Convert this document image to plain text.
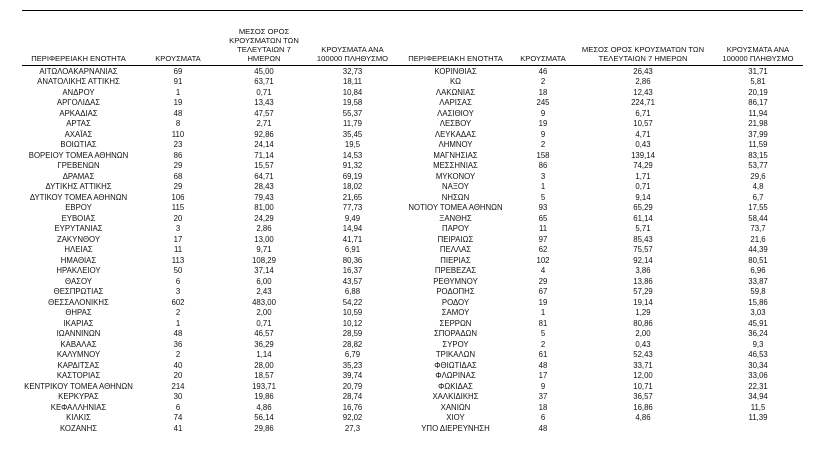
ΠΕΡΙΦΕΡΕΙΑΚΗ ΕΝΟΤΗΤΑ	ΚΡΟΥΣΜΑΤΑ	ΜΕΣΟΣ ΟΡΟΣ ΚΡΟΥΣΜΑΤΩΝ ΤΩΝ ΤΕΛΕΥΤΑΙΩΝ 7 ΗΜΕΡΩΝ	ΚΡΟΥΣΜΑΤΑ ΑΝΑ 100000 ΠΛΗΘΥΣΜΟ	ΠΕΡΙΦΕΡΕΙΑΚΗ ΕΝΟΤΗΤΑ	ΚΡΟΥΣΜΑΤΑ	ΜΕΣΟΣ ΟΡΟΣ ΚΡΟΥΣΜΑΤΩΝ ΤΩΝ ΤΕΛΕΥΤΑΙΩΝ 7 ΗΜΕΡΩΝ	ΚΡΟΥΣΜΑΤΑ ΑΝΑ 100000 ΠΛΗΘΥΣΜΟ
ΑΙΤΩΛΟΑΚΑΡΝΑΝΙΑΣ	69	45,00	32,73	ΚΟΡΙΝΘΙΑΣ	46	26,43	31,71
ΑΝΑΤΟΛΙΚΗΣ ΑΤΤΙΚΗΣ	91	63,71	18,11	ΚΩ	2	2,86	5,81
ΑΝΔΡΟΥ	1	0,71	10,84	ΛΑΚΩΝΙΑΣ	18	12,43	20,19
ΑΡΓΟΛΙΔΑΣ	19	13,43	19,58	ΛΑΡΙΣΑΣ	245	224,71	86,17
ΑΡΚΑΔΙΑΣ	48	47,57	55,37	ΛΑΣΙΘΙΟΥ	9	6,71	11,94
ΑΡΤΑΣ	8	2,71	11,79	ΛΕΣΒΟΥ	19	10,57	21,98
ΑΧΑΪΑΣ	110	92,86	35,45	ΛΕΥΚΑΔΑΣ	9	4,71	37,99
ΒΟΙΩΤΙΑΣ	23	24,14	19,5	ΛΗΜΝΟΥ	2	0,43	11,59
ΒΟΡΕΙΟΥ ΤΟΜΕΑ ΑΘΗΝΩΝ	86	71,14	14,53	ΜΑΓΝΗΣΙΑΣ	158	139,14	83,15
ΓΡΕΒΕΝΩΝ	29	15,57	91,32	ΜΕΣΣΗΝΙΑΣ	86	74,29	53,77
ΔΡΑΜΑΣ	68	64,71	69,19	ΜΥΚΟΝΟΥ	3	1,71	29,6
ΔΥΤΙΚΗΣ ΑΤΤΙΚΗΣ	29	28,43	18,02	ΝΑΞΟΥ	1	0,71	4,8
ΔΥΤΙΚΟΥ ΤΟΜΕΑ ΑΘΗΝΩΝ	106	79,43	21,65	ΝΗΣΩΝ	5	9,14	6,7
ΕΒΡΟΥ	115	81,00	77,73	ΝΟΤΙΟΥ ΤΟΜΕΑ ΑΘΗΝΩΝ	93	65,29	17,55
ΕΥΒΟΙΑΣ	20	24,29	9,49	ΞΑΝΘΗΣ	65	61,14	58,44
ΕΥΡΥΤΑΝΙΑΣ	3	2,86	14,94	ΠΑΡΟΥ	11	5,71	73,7
ΖΑΚΥΝΘΟΥ	17	13,00	41,71	ΠΕΙΡΑΙΩΣ	97	85,43	21,6
ΗΛΕΙΑΣ	11	9,71	6,91	ΠΕΛΛΑΣ	62	75,57	44,39
ΗΜΑΘΙΑΣ	113	108,29	80,36	ΠΙΕΡΙΑΣ	102	92,14	80,51
ΗΡΑΚΛΕΙΟΥ	50	37,14	16,37	ΠΡΕΒΕΖΑΣ	4	3,86	6,96
ΘΑΣΟΥ	6	6,00	43,57	ΡΕΘΥΜΝΟΥ	29	13,86	33,87
ΘΕΣΠΡΩΤΙΑΣ	3	2,43	6,88	ΡΟΔΟΠΗΣ	67	57,29	59,8
ΘΕΣΣΑΛΟΝΙΚΗΣ	602	483,00	54,22	ΡΟΔΟΥ	19	19,14	15,86
ΘΗΡΑΣ	2	2,00	10,59	ΣΑΜΟΥ	1	1,29	3,03
ΙΚΑΡΙΑΣ	1	0,71	10,12	ΣΕΡΡΩΝ	81	80,86	45,91
ΙΩΑΝΝΙΝΩΝ	48	46,57	28,59	ΣΠΟΡΑΔΩΝ	5	2,00	36,24
ΚΑΒΑΛΑΣ	36	36,29	28,82	ΣΥΡΟΥ	2	0,43	9,3
ΚΑΛΥΜΝΟΥ	2	1,14	6,79	ΤΡΙΚΑΛΩΝ	61	52,43	46,53
ΚΑΡΔΙΤΣΑΣ	40	28,00	35,23	ΦΘΙΩΤΙΔΑΣ	48	33,71	30,34
ΚΑΣΤΟΡΙΑΣ	20	18,57	39,74	ΦΛΩΡΙΝΑΣ	17	12,00	33,06
ΚΕΝΤΡΙΚΟΥ ΤΟΜΕΑ ΑΘΗΝΩΝ	214	193,71	20,79	ΦΩΚΙΔΑΣ	9	10,71	22,31
ΚΕΡΚΥΡΑΣ	30	19,86	28,74	ΧΑΛΚΙΔΙΚΗΣ	37	36,57	34,94
ΚΕΦΑΛΛΗΝΙΑΣ	6	4,86	16,76	ΧΑΝΙΩΝ	18	16,86	11,5
ΚΙΛΚΙΣ	74	56,14	92,02	ΧΙΟΥ	6	4,86	11,39
ΚΟΖΑΝΗΣ	41	29,86	27,3	ΥΠΟ ΔΙΕΡΕΥΝΗΣΗ	48		
